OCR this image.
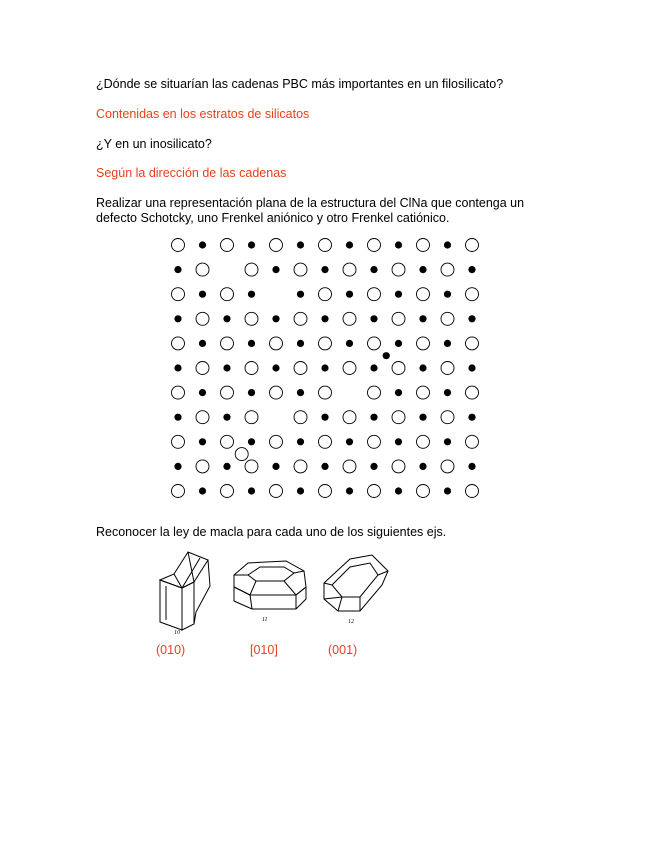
¿Dónde se situarían las cadenas PBC más importantes en un filosilicato?
Contenidas en los estratos de silicatos
¿Y en un inosilicato?
Según la dirección de las cadenas
Realizar una representación plana de la estructura del ClNa que contenga un defecto Schotcky, uno Frenkel aniónico y otro Frenkel catiónico.
Reconocer la ley de macla para cada uno de los siguientes ejs.
10
11	12
(010)	[010]	(001)
